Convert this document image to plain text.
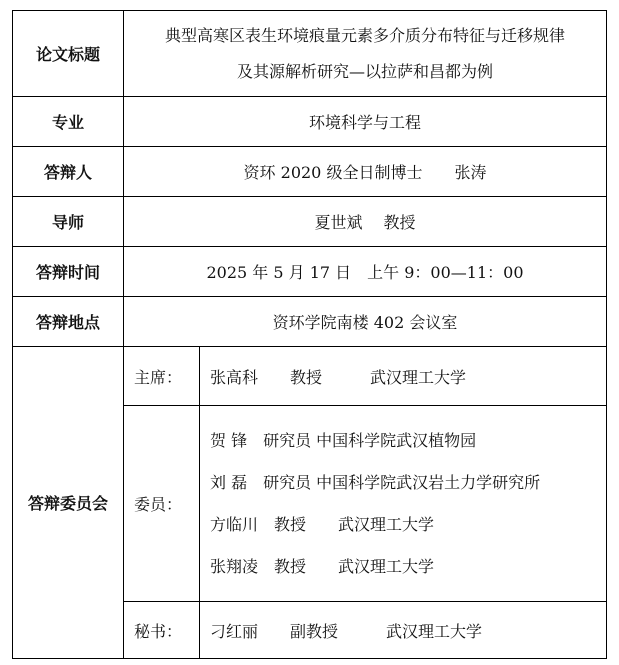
论文标题	典型高寒区表生环境痕量元素多介质分布特征与迁移规律
及其源解析研究—以拉萨和昌都为例	

专业	环境科学与工程	
答辩人	资环 2020 级全日制博士　　张涛	
导师	夏世斌　 教授	
答辩时间	2025 年 5 月 17 日　上午 9：00—11：00	
答辩地点	资环学院南楼 402 会议室	
答辩委员会	主席：	张高科　　教授　　　武汉理工大学
	委员：	贺 锋　研究员 中国科学院武汉植物园
刘 磊　研究员 中国科学院武汉岩土力学研究所
方临川　教授　　武汉理工大学
张翔凌　教授　　武汉理工大学

	秘书：	刁红丽　　副教授　　　武汉理工大学
